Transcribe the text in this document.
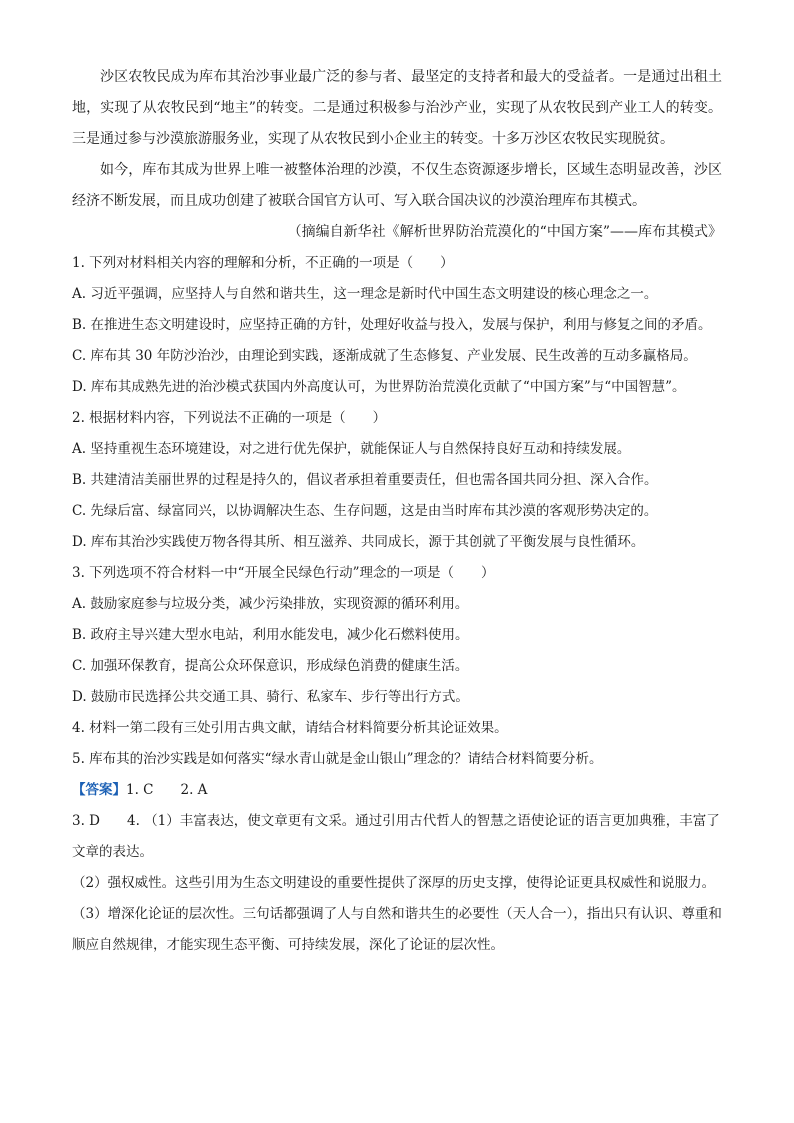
沙区农牧民成为库布其治沙事业最广泛的参与者、最坚定的支持者和最大的受益者。一是通过出租土地，实现了从农牧民到“地主”的转变。二是通过积极参与治沙产业，实现了从农牧民到产业工人的转变。三是通过参与沙漠旅游服务业，实现了从农牧民到小企业主的转变。十多万沙区农牧民实现脱贫。

如今，库布其成为世界上唯一被整体治理的沙漠，不仅生态资源逐步增长，区域生态明显改善，沙区经济不断发展，而且成功创建了被联合国官方认可、写入联合国决议的沙漠治理库布其模式。

（摘编自新华社《解析世界防治荒漠化的“中国方案”——库布其模式》

1. 下列对材料相关内容的理解和分析，不正确的一项是（　　）

A. 习近平强调，应坚持人与自然和谐共生，这一理念是新时代中国生态文明建设的核心理念之一。

B. 在推进生态文明建设时，应坚持正确的方针，处理好收益与投入，发展与保护，利用与修复之间的矛盾。

C. 库布其 30 年防沙治沙，由理论到实践，逐渐成就了生态修复、产业发展、民生改善的互动多赢格局。

D. 库布其成熟先进的治沙模式获国内外高度认可，为世界防治荒漠化贡献了“中国方案”与“中国智慧”。

2. 根据材料内容，下列说法不正确的一项是（　　）

A. 坚持重视生态环境建设，对之进行优先保护，就能保证人与自然保持良好互动和持续发展。

B. 共建清洁美丽世界的过程是持久的，倡议者承担着重要责任，但也需各国共同分担、深入合作。

C. 先绿后富、绿富同兴，以协调解决生态、生存问题，这是由当时库布其沙漠的客观形势决定的。

D. 库布其治沙实践使万物各得其所、相互滋养、共同成长，源于其创就了平衡发展与良性循环。

3. 下列选项不符合材料一中“开展全民绿色行动”理念的一项是（　　）

A. 鼓励家庭参与垃圾分类，减少污染排放，实现资源的循环利用。

B. 政府主导兴建大型水电站，利用水能发电，减少化石燃料使用。

C. 加强环保教育，提高公众环保意识，形成绿色消费的健康生活。

D. 鼓励市民选择公共交通工具、骑行、私家车、步行等出行方式。

4. 材料一第二段有三处引用古典文献，请结合材料简要分析其论证效果。

5. 库布其的治沙实践是如何落实“绿水青山就是金山银山”理念的？请结合材料简要分析。

【答案】1. C　　2. A

3. D　　4. （1）丰富表达，使文章更有文采。通过引用古代哲人的智慧之语使论证的语言更加典雅，丰富了文章的表达。

（2）强权威性。这些引用为生态文明建设的重要性提供了深厚的历史支撑，使得论证更具权威性和说服力。

（3）增深化论证的层次性。三句话都强调了人与自然和谐共生的必要性（天人合一），指出只有认识、尊重和顺应自然规律，才能实现生态平衡、可持续发展，深化了论证的层次性。
